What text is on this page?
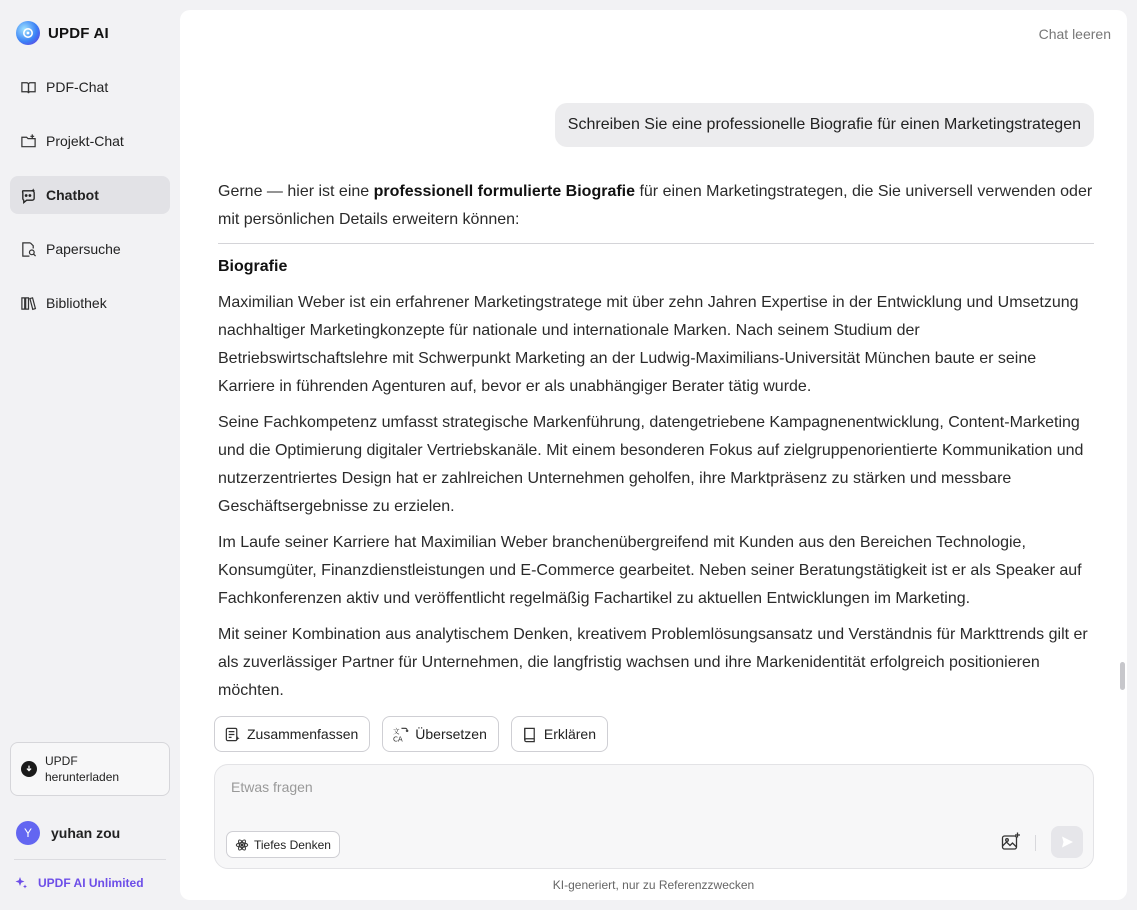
UPDF AI
PDF-Chat
Projekt-Chat
Chatbot
Papersuche
Bibliothek
UPDF
herunterladen
Y	yuhan zou
UPDF AI Unlimited
Chat leeren
Schreiben Sie eine professionelle Biografie für einen Marketingstrategen

Gerne — hier ist eine professionell formulierte Biografie für einen Marketingstrategen, die Sie universell verwenden oder mit persönlichen Details erweitern können:

Biografie

Maximilian Weber ist ein erfahrener Marketingstratege mit über zehn Jahren Expertise in der Entwicklung und Umsetzung nachhaltiger Marketingkonzepte für nationale und internationale Marken. Nach seinem Studium der Betriebswirtschaftslehre mit Schwerpunkt Marketing an der Ludwig-Maximilians-Universität München baute er seine Karriere in führenden Agenturen auf, bevor er als unabhängiger Berater tätig wurde.

Seine Fachkompetenz umfasst strategische Markenführung, datengetriebene Kampagnenentwicklung, Content-Marketing und die Optimierung digitaler Vertriebskanäle. Mit einem besonderen Fokus auf zielgruppenorientierte Kommunikation und nutzerzentriertes Design hat er zahlreichen Unternehmen geholfen, ihre Marktpräsenz zu stärken und messbare Geschäftsergebnisse zu erzielen.

Im Laufe seiner Karriere hat Maximilian Weber branchenübergreifend mit Kunden aus den Bereichen Technologie, Konsumgüter, Finanzdienstleistungen und E-Commerce gearbeitet. Neben seiner Beratungstätigkeit ist er als Speaker auf Fachkonferenzen aktiv und veröffentlicht regelmäßig Fachartikel zu aktuellen Entwicklungen im Marketing.

Mit seiner Kombination aus analytischem Denken, kreativem Problemlösungsansatz und Verständnis für Markttrends gilt er als zuverlässiger Partner für Unternehmen, die langfristig wachsen und ihre Markenidentität erfolgreich positionieren möchten.

Zusammenfassen	文
CA Übersetzen	Erklären
Etwas fragen
Tiefes Denken
KI-generiert, nur zu Referenzzwecken
